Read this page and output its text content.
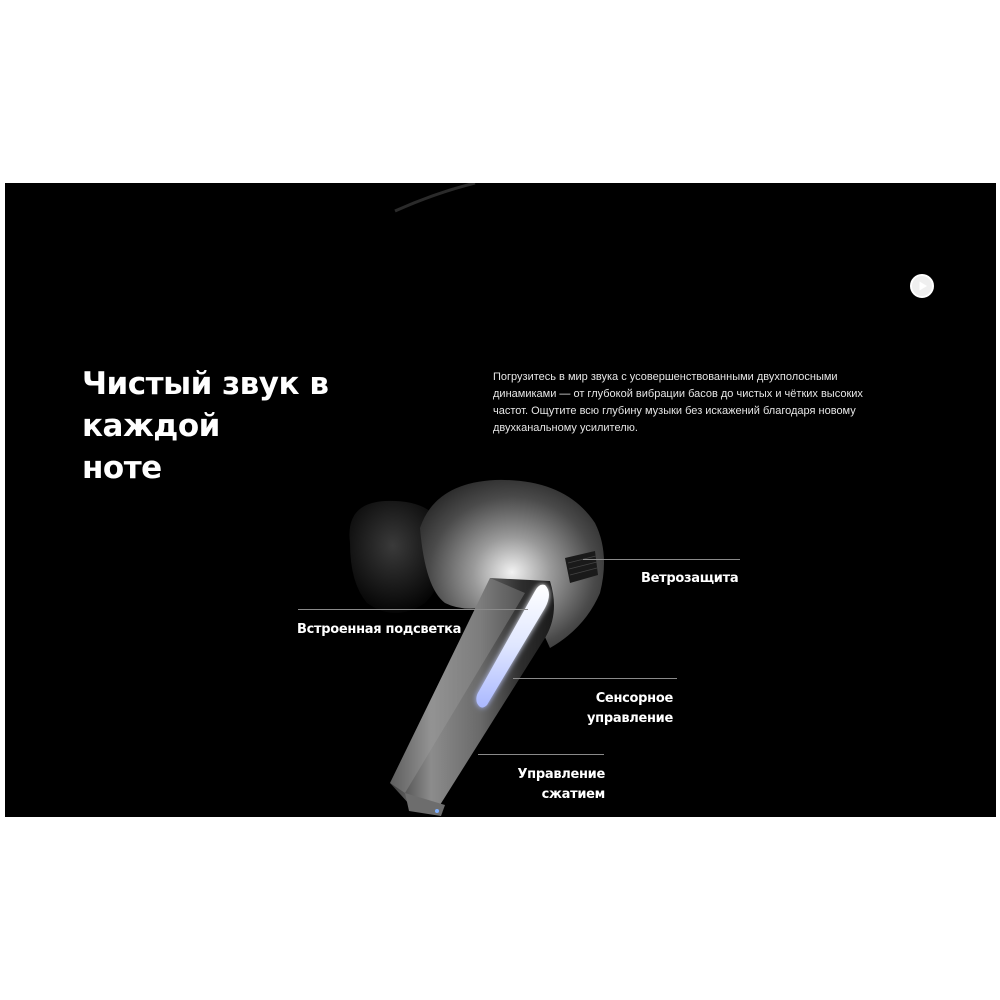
Чистый звук в каждой
ноте

Погрузитесь в мир звука с усовершенствованными двухполосными динамиками — от глубокой вибрации басов до чистых и чётких высоких частот. Ощутите всю глубину музыки без искажений благодаря новому двухканальному усилителю.

Ветрозащита
Встроенная подсветка
Сенсорное
управление
Управление
сжатием
